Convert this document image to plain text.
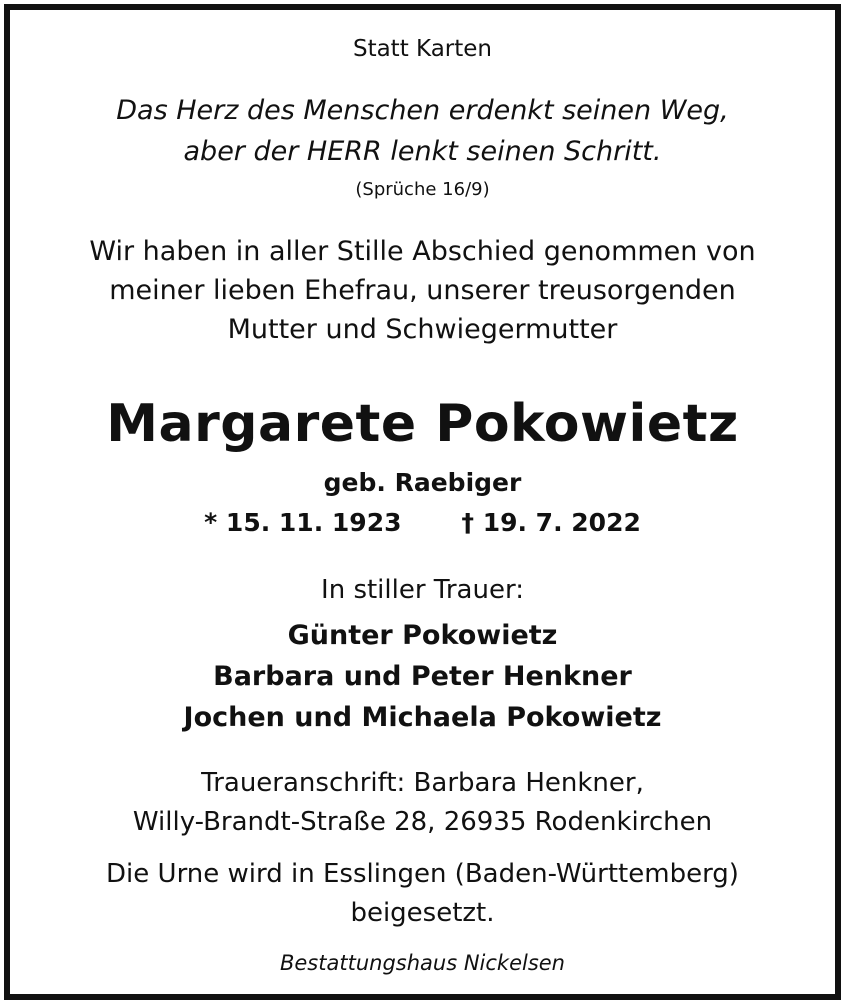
Statt Karten
Das Herz des Menschen erdenkt seinen Weg,
aber der HERR lenkt seinen Schritt.
(Sprüche 16/9)
Wir haben in aller Stille Abschied genommen von
meiner lieben Ehefrau, unserer treusorgenden
Mutter und Schwiegermutter
Margarete Pokowietz
geb. Raebiger
* 15. 11. 1923 † 19. 7. 2022
In stiller Trauer:
Günter Pokowietz
Barbara und Peter Henkner
Jochen und Michaela Pokowietz
Traueranschrift: Barbara Henkner,
Willy-Brandt-Straße 28, 26935 Rodenkirchen
Die Urne wird in Esslingen (Baden-Württemberg)
beigesetzt.
Bestattungshaus Nickelsen
